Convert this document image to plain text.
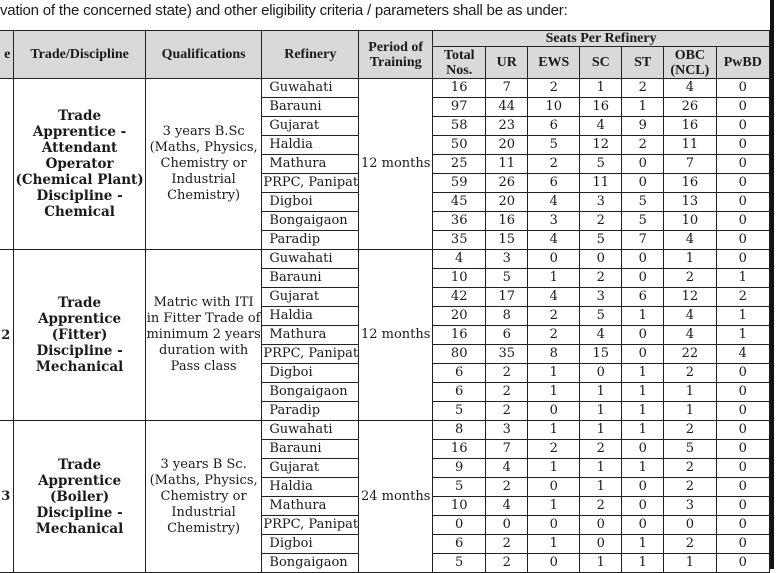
vation of the concerned state) and other eligibility criteria / parameters shall be as under:
e	Trade/Discipline	Qualifications	Refinery	Period of Training	Seats Per Refinery						
					Total Nos.	UR	EWS	SC	ST	OBC (NCL)	PwBD
	Trade Apprentice - Attendant Operator (Chemical Plant) Discipline - Chemical	3 years B.Sc (Maths, Physics, Chemistry or Industrial Chemistry)	Guwahati	12 months	16	7	2	1	2	4	0
			Barauni		97	44	10	16	1	26	0
			Gujarat		58	23	6	4	9	16	0
			Haldia		50	20	5	12	2	11	0
			Mathura		25	11	2	5	0	7	0
			PRPC, Panipat		59	26	6	11	0	16	0
			Digboi		45	20	4	3	5	13	0
			Bongaigaon		36	16	3	2	5	10	0
			Paradip		35	15	4	5	7	4	0
2	Trade Apprentice (Fitter) Discipline - Mechanical	Matric with ITI in Fitter Trade of minimum 2 years duration with Pass class	Guwahati	12 months	4	3	0	0	0	1	0
			Barauni		10	5	1	2	0	2	1
			Gujarat		42	17	4	3	6	12	2
			Haldia		20	8	2	5	1	4	1
			Mathura		16	6	2	4	0	4	1
			PRPC, Panipat		80	35	8	15	0	22	4
			Digboi		6	2	1	0	1	2	0
			Bongaigaon		6	2	1	1	1	1	0
			Paradip		5	2	0	1	1	1	0
3	Trade Apprentice (Boiler) Discipline - Mechanical	3 years B Sc. (Maths, Physics, Chemistry or Industrial Chemistry)	Guwahati	24 months	8	3	1	1	1	2	0
			Barauni		16	7	2	2	0	5	0
			Gujarat		9	4	1	1	1	2	0
			Haldia		5	2	0	1	0	2	0
			Mathura		10	4	1	2	0	3	0
			PRPC, Panipat		0	0	0	0	0	0	0
			Digboi		6	2	1	0	1	2	0
			Bongaigaon		5	2	0	1	1	1	0
